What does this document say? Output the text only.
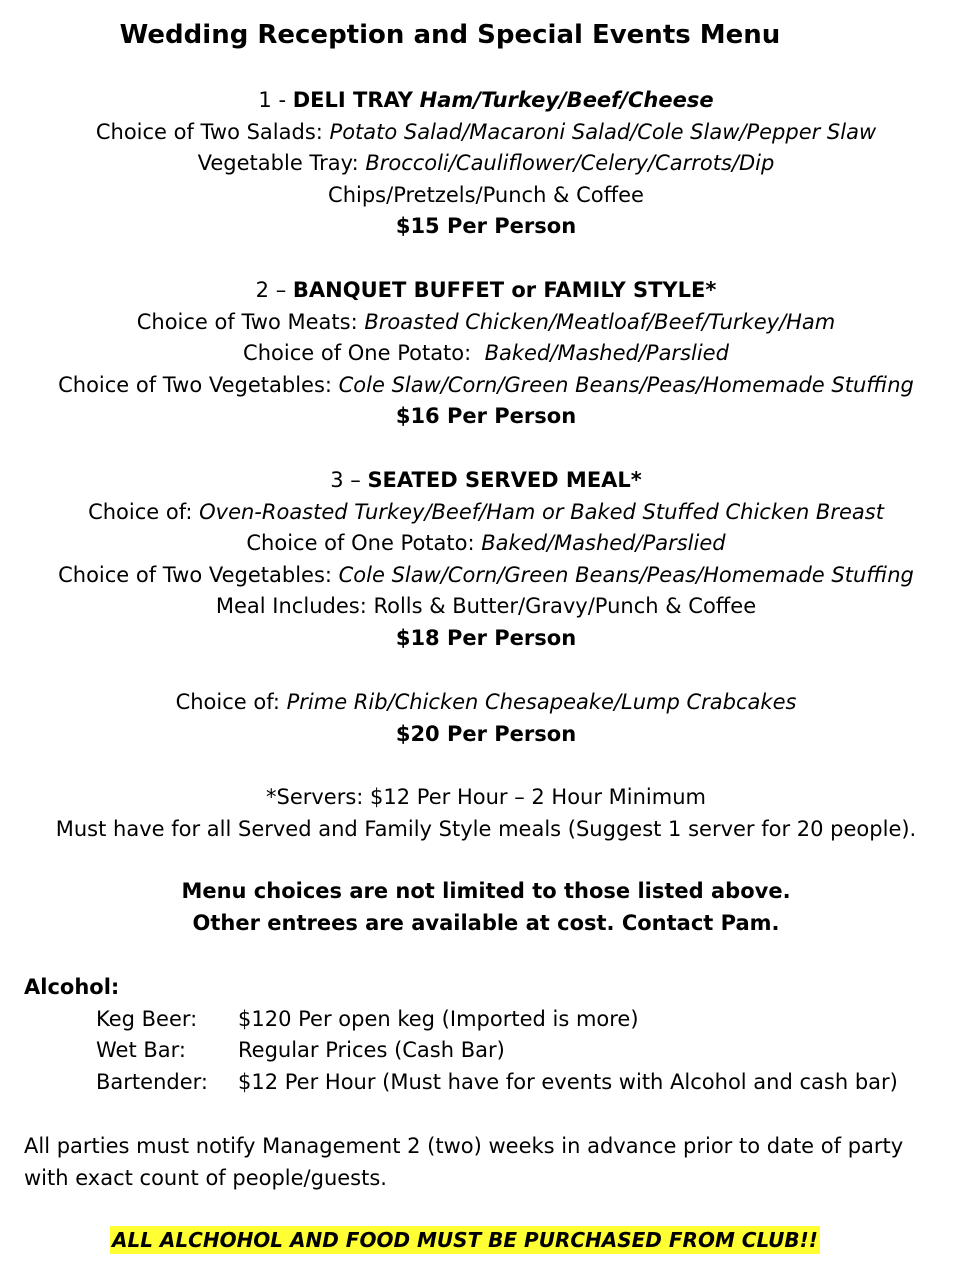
Wedding Reception and Special Events Menu
1 - DELI TRAY Ham/Turkey/Beef/Cheese
Choice of Two Salads: Potato Salad/Macaroni Salad/Cole Slaw/Pepper Slaw
Vegetable Tray: Broccoli/Cauliflower/Celery/Carrots/Dip
Chips/Pretzels/Punch & Coffee
$15 Per Person
2 – BANQUET BUFFET or FAMILY STYLE*
Choice of Two Meats: Broasted Chicken/Meatloaf/Beef/Turkey/Ham
Choice of One Potato:  Baked/Mashed/Parslied
Choice of Two Vegetables: Cole Slaw/Corn/Green Beans/Peas/Homemade Stuffing
$16 Per Person
3 – SEATED SERVED MEAL*
Choice of: Oven-Roasted Turkey/Beef/Ham or Baked Stuffed Chicken Breast
Choice of One Potato: Baked/Mashed/Parslied
Choice of Two Vegetables: Cole Slaw/Corn/Green Beans/Peas/Homemade Stuffing
Meal Includes: Rolls & Butter/Gravy/Punch & Coffee
$18 Per Person
Choice of: Prime Rib/Chicken Chesapeake/Lump Crabcakes
$20 Per Person
*Servers: $12 Per Hour – 2 Hour Minimum
Must have for all Served and Family Style meals (Suggest 1 server for 20 people).
Menu choices are not limited to those listed above.
Other entrees are available at cost. Contact Pam.
Alcohol:
Keg Beer: $120 Per open keg (Imported is more)
Wet Bar: Regular Prices (Cash Bar)
Bartender: $12 Per Hour (Must have for events with Alcohol and cash bar)
All parties must notify Management 2 (two) weeks in advance prior to date of party
with exact count of people/guests.
ALL ALCHOHOL AND FOOD MUST BE PURCHASED FROM CLUB!!
